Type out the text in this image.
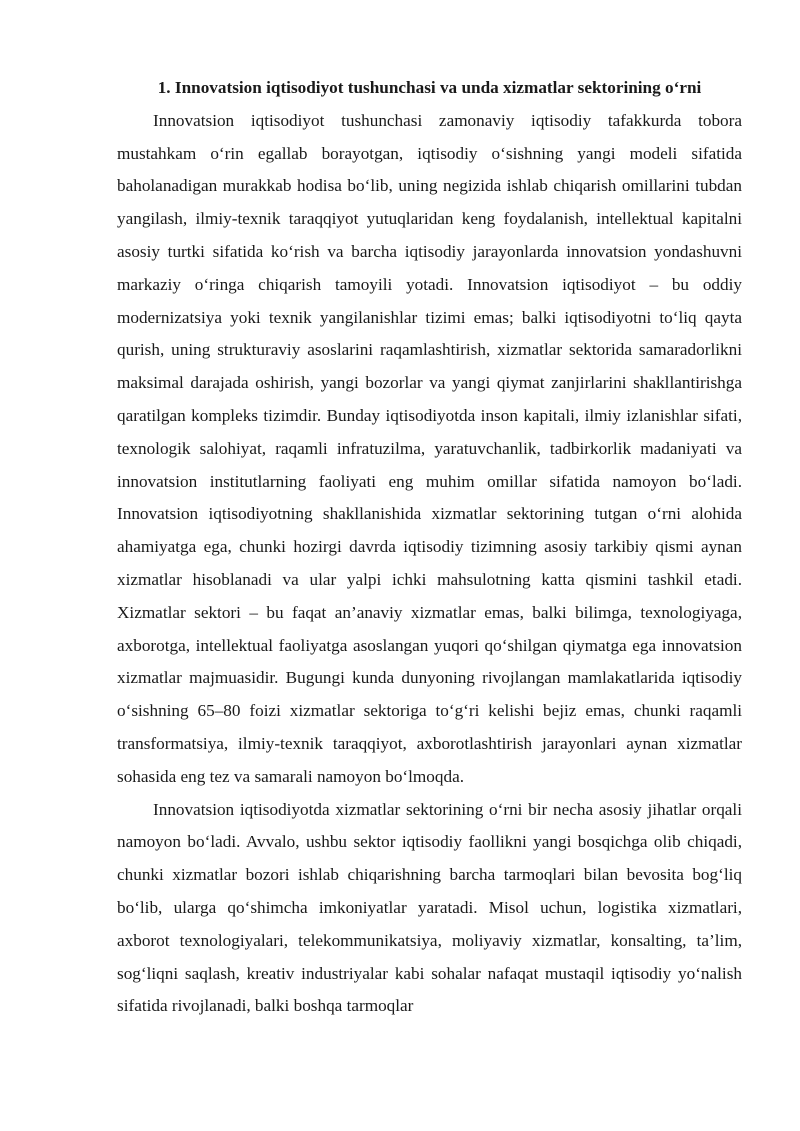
1. Innovatsion iqtisodiyot tushunchasi va unda xizmatlar sektorining o‘rni

Innovatsion iqtisodiyot tushunchasi zamonaviy iqtisodiy tafakkurda tobora mustahkam o‘rin egallab borayotgan, iqtisodiy o‘sishning yangi modeli sifatida baholanadigan murakkab hodisa bo‘lib, uning negizida ishlab chiqarish omillarini tubdan yangilash, ilmiy-texnik taraqqiyot yutuqlaridan keng foydalanish, intellektual kapitalni asosiy turtki sifatida ko‘rish va barcha iqtisodiy jarayonlarda innovatsion yondashuvni markaziy o‘ringa chiqarish tamoyili yotadi. Innovatsion iqtisodiyot – bu oddiy modernizatsiya yoki texnik yangilanishlar tizimi emas; balki iqtisodiyotni to‘liq qayta qurish, uning strukturaviy asoslarini raqamlashtirish, xizmatlar sektorida samaradorlikni maksimal darajada oshirish, yangi bozorlar va yangi qiymat zanjirlarini shakllantirishga qaratilgan kompleks tizimdir. Bunday iqtisodiyotda inson kapitali, ilmiy izlanishlar sifati, texnologik salohiyat, raqamli infratuzilma, yaratuvchanlik, tadbirkorlik madaniyati va innovatsion institutlarning faoliyati eng muhim omillar sifatida namoyon bo‘ladi. Innovatsion iqtisodiyotning shakllanishida xizmatlar sektorining tutgan o‘rni alohida ahamiyatga ega, chunki hozirgi davrda iqtisodiy tizimning asosiy tarkibiy qismi aynan xizmatlar hisoblanadi va ular yalpi ichki mahsulotning katta qismini tashkil etadi. Xizmatlar sektori – bu faqat an’anaviy xizmatlar emas, balki bilimga, texnologiyaga, axborotga, intellektual faoliyatga asoslangan yuqori qo‘shilgan qiymatga ega innovatsion xizmatlar majmuasidir. Bugungi kunda dunyoning rivojlangan mamlakatlarida iqtisodiy o‘sishning 65–80 foizi xizmatlar sektoriga to‘g‘ri kelishi bejiz emas, chunki raqamli transformatsiya, ilmiy-texnik taraqqiyot, axborotlashtirish jarayonlari aynan xizmatlar sohasida eng tez va samarali namoyon bo‘lmoqda.

Innovatsion iqtisodiyotda xizmatlar sektorining o‘rni bir necha asosiy jihatlar orqali namoyon bo‘ladi. Avvalo, ushbu sektor iqtisodiy faollikni yangi bosqichga olib chiqadi, chunki xizmatlar bozori ishlab chiqarishning barcha tarmoqlari bilan bevosita bog‘liq bo‘lib, ularga qo‘shimcha imkoniyatlar yaratadi. Misol uchun, logistika xizmatlari, axborot texnologiyalari, telekommunikatsiya, moliyaviy xizmatlar, konsalting, ta’lim, sog‘liqni saqlash, kreativ industriyalar kabi sohalar nafaqat mustaqil iqtisodiy yo‘nalish sifatida rivojlanadi, balki boshqa tarmoqlar
